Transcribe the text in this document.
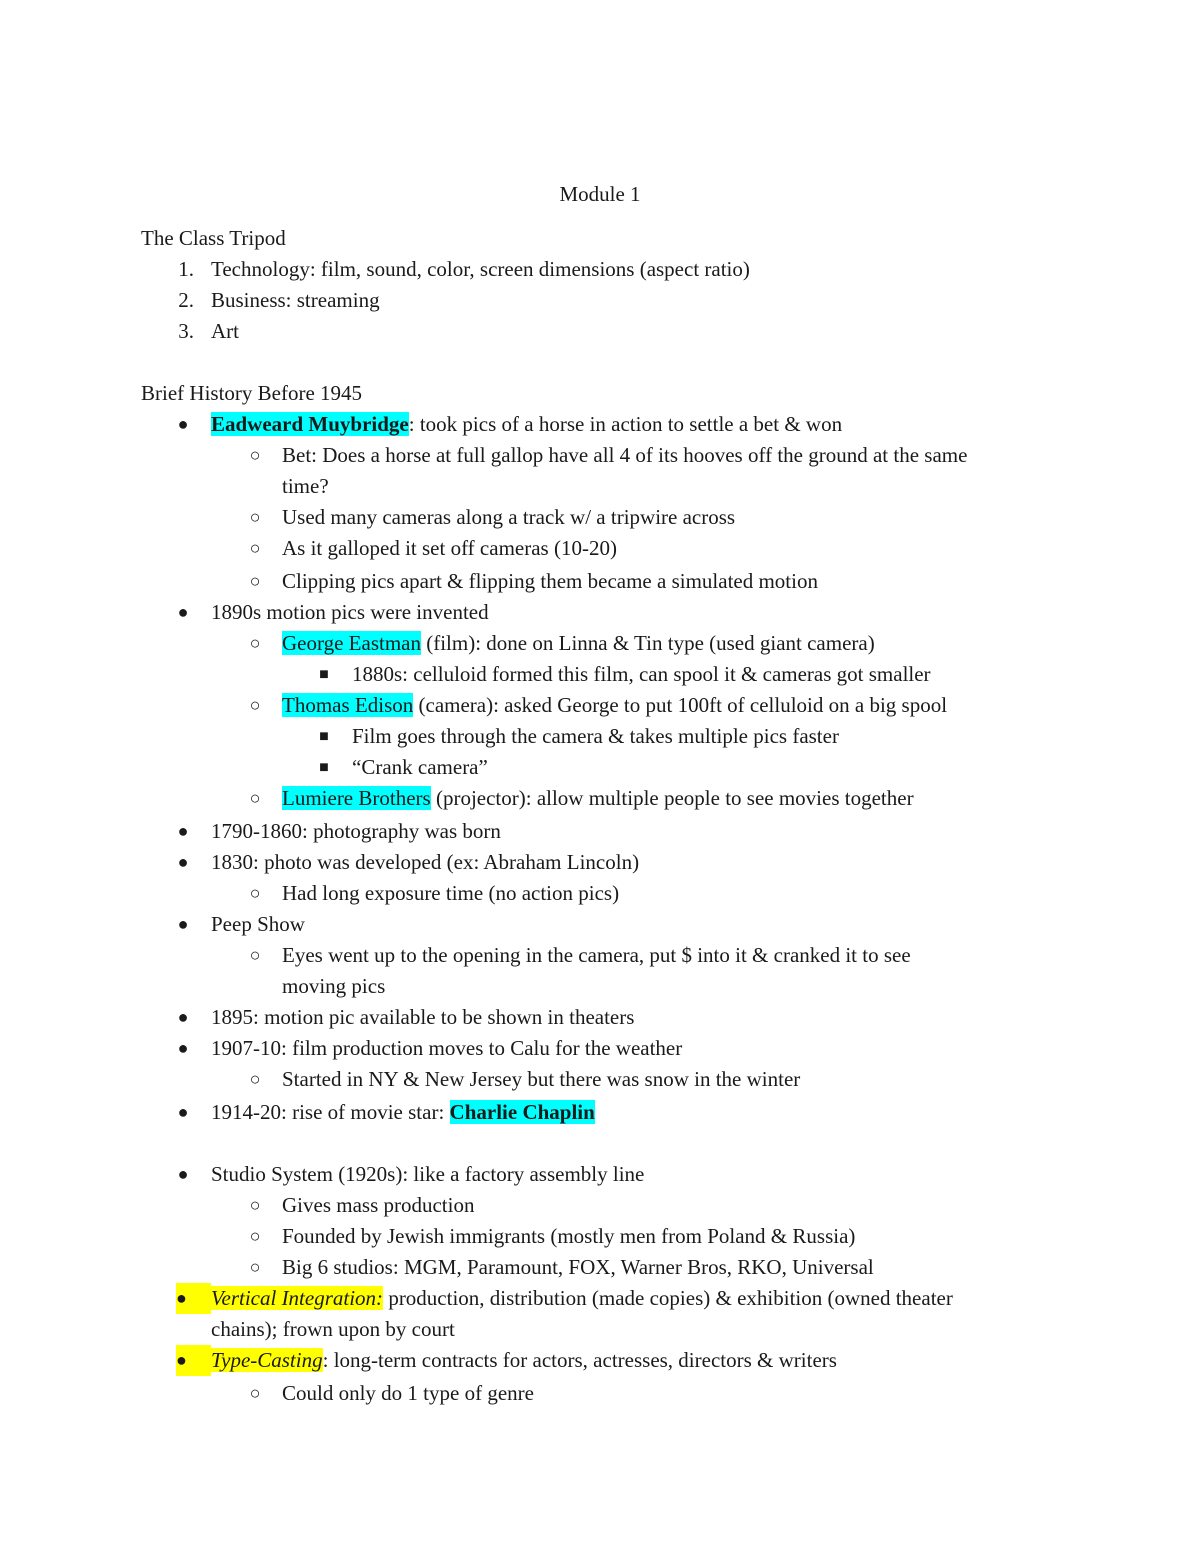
Module 1
The Class Tripod
1. Technology: film, sound, color, screen dimensions (aspect ratio)
2. Business: streaming
3. Art
Brief History Before 1945
● Eadweard Muybridge: took pics of a horse in action to settle a bet & won
○ Bet: Does a horse at full gallop have all 4 of its hooves off the ground at the same
time?
○ Used many cameras along a track w/ a tripwire across
○ As it galloped it set off cameras (10-20)
○ Clipping pics apart & flipping them became a simulated motion
● 1890s motion pics were invented
○ George Eastman (film): done on Linna & Tin type (used giant camera)
■ 1880s: celluloid formed this film, can spool it & cameras got smaller
○ Thomas Edison (camera): asked George to put 100ft of celluloid on a big spool
■ Film goes through the camera & takes multiple pics faster
■ “Crank camera”
○ Lumiere Brothers (projector): allow multiple people to see movies together
● 1790-1860: photography was born
● 1830: photo was developed (ex: Abraham Lincoln)
○ Had long exposure time (no action pics)
● Peep Show
○ Eyes went up to the opening in the camera, put $ into it & cranked it to see
moving pics
● 1895: motion pic available to be shown in theaters
● 1907-10: film production moves to Calu for the weather
○ Started in NY & New Jersey but there was snow in the winter
● 1914-20: rise of movie star: Charlie Chaplin
● Studio System (1920s): like a factory assembly line
○ Gives mass production
○ Founded by Jewish immigrants (mostly men from Poland & Russia)
○ Big 6 studios: MGM, Paramount, FOX, Warner Bros, RKO, Universal
●	Vertical Integration: production, distribution (made copies) & exhibition (owned theater
chains); frown upon by court
●	Type-Casting: long-term contracts for actors, actresses, directors & writers
○ Could only do 1 type of genre
